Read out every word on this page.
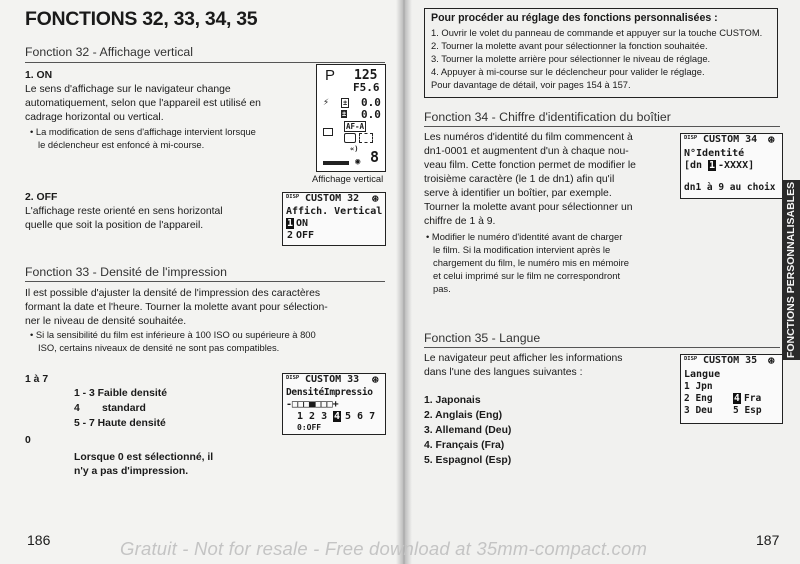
FONCTIONS 32, 33, 34, 35
Fonction 32 - Affichage vertical
1. ON
Le sens d'affichage sur le navigateur change
automatiquement, selon que l'appareil est utilisé en
cadrage horizontal ou vertical.
• La modification de sens d'affichage intervient lorsque
le déclencheur est enfoncé à mi-course.
P 125
F5.6
⚡ ± 0.0
± 0.0
AF-A
«)
◉ 8
Affichage vertical
2. OFF
L'affichage reste orienté en sens horizontal
quelle que soit la position de l'appareil.
DISP CUSTOM 32 ⊛
Affich. Vertical
1 ON
2 OFF
Fonction 33 - Densité de l'impression
Il est possible d'ajuster la densité de l'impression des caractères
formant la date et l'heure. Tourner la molette avant pour sélection-
ner le niveau de densité souhaitée.
• Si la sensibilité du film est inférieure à 100 ISO ou supérieure à 800
ISO, certains niveaux de densité ne sont pas compatibles.
1 à 7
1 - 3 Faible densité
4 standard
5 - 7 Haute densité
0
Lorsque 0 est sélectionné, il
n'y a pas d'impression.
DISP CUSTOM 33 ⊛
DensitéImpressio
-□□□■□□□+
1 2 3 4 5 6 7
0:OFF
186
Pour procéder au réglage des fonctions personnalisées :
1. Ouvrir le volet du panneau de commande et appuyer sur la touche CUSTOM.
2. Tourner la molette avant pour sélectionner la fonction souhaitée.
3. Tourner la molette arrière pour sélectionner le niveau de réglage.
4. Appuyer à mi-course sur le déclencheur pour valider le réglage.
Pour davantage de détail, voir pages 154 à 157.
Fonction 34 - Chiffre d'identification du boîtier
Les numéros d'identité du film commencent à
dn1-0001 et augmentent d'un à chaque nou-
veau film. Cette fonction permet de modifier le
troisième caractère (le 1 de dn1) afin qu'il
serve à identifier un boîtier, par exemple.
Tourner la molette avant pour sélectionner un
chiffre de 1 à 9.
• Modifier le numéro d'identité avant de charger
le film. Si la modification intervient après le
chargement du film, le numéro mis en mémoire
et celui imprimé sur le film ne correspondront
pas.
DISP CUSTOM 34 ⊛
N°Identité
[dn 1 -XXXX]
dn1 à 9 au choix
Fonction 35 - Langue
Le navigateur peut afficher les informations
dans l'une des langues suivantes :
1. Japonais
2. Anglais (Eng)
3. Allemand (Deu)
4. Français (Fra)
5. Espagnol (Esp)
DISP CUSTOM 35 ⊛
Langue
1 Jpn
2 Eng
3 Deu
4 Fra
5 Esp
FONCTIONS PERSONNALISABLES
187
Gratuit - Not for resale - Free download at 35mm-compact.com
